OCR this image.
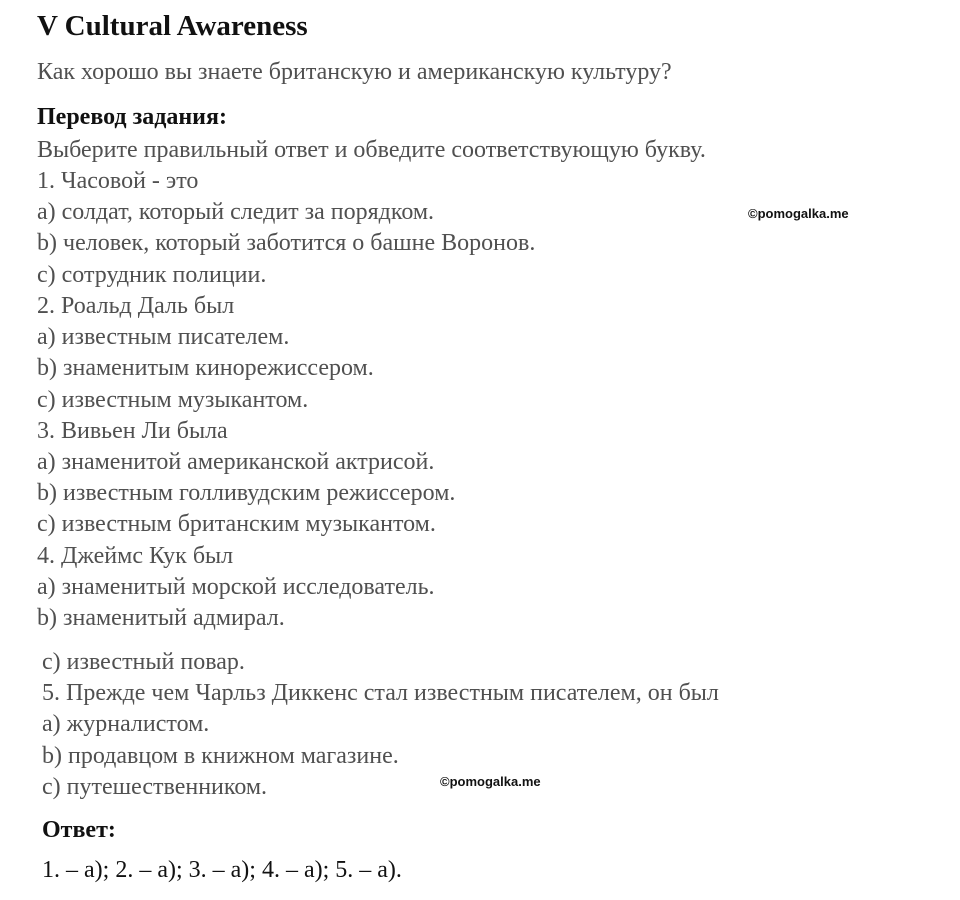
V Cultural Awareness
Как хорошо вы знаете британскую и американскую культуру?
Перевод задания:
Выберите правильный ответ и обведите соответствующую букву.
1. Часовой - это
a) солдат, который следит за порядком.
b) человек, который заботится о башне Воронов.
c) сотрудник полиции.
2. Роальд Даль был
a) известным писателем.
b) знаменитым кинорежиссером.
c) известным музыкантом.
3. Вивьен Ли была
a) знаменитой американской актрисой.
b) известным голливудским режиссером.
c) известным британским музыкантом.
4. Джеймс Кук был
a) знаменитый морской исследователь.
b) знаменитый адмирал.
c) известный повар.
5. Прежде чем Чарльз Диккенс стал известным писателем, он был
a) журналистом.
b) продавцом в книжном магазине.
c) путешественником.
Ответ:
1. – a); 2. – a); 3. – a); 4. – a); 5. – a).
©pomogalka.me
©pomogalka.me
